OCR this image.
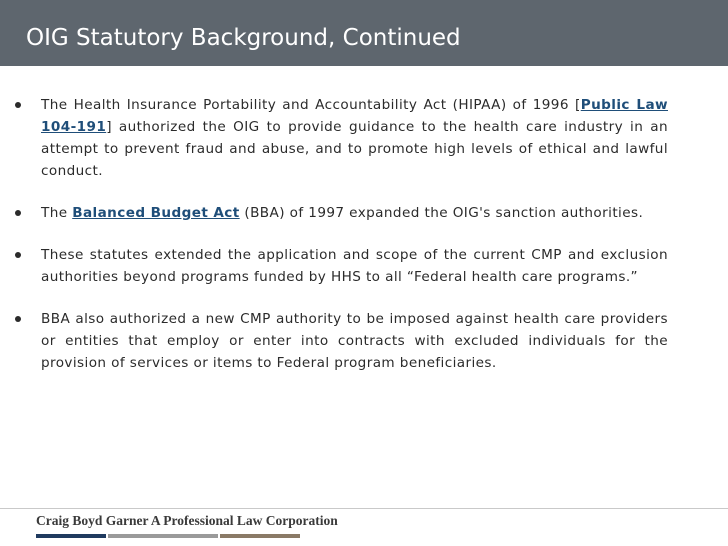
OIG Statutory Background, Continued
The Health Insurance Portability and Accountability Act (HIPAA) of 1996 [Public Law 104-191] authorized the OIG to provide guidance to the health care industry in an attempt to prevent fraud and abuse, and to promote high levels of ethical and lawful conduct.
The Balanced Budget Act (BBA) of 1997 expanded the OIG's sanction authorities.
These statutes extended the application and scope of the current CMP and exclusion authorities beyond programs funded by HHS to all “Federal health care programs.”
BBA also authorized a new CMP authority to be imposed against health care providers or entities that employ or enter into contracts with excluded individuals for the provision of services or items to Federal program beneficiaries.
Craig Boyd Garner A Professional Law Corporation
